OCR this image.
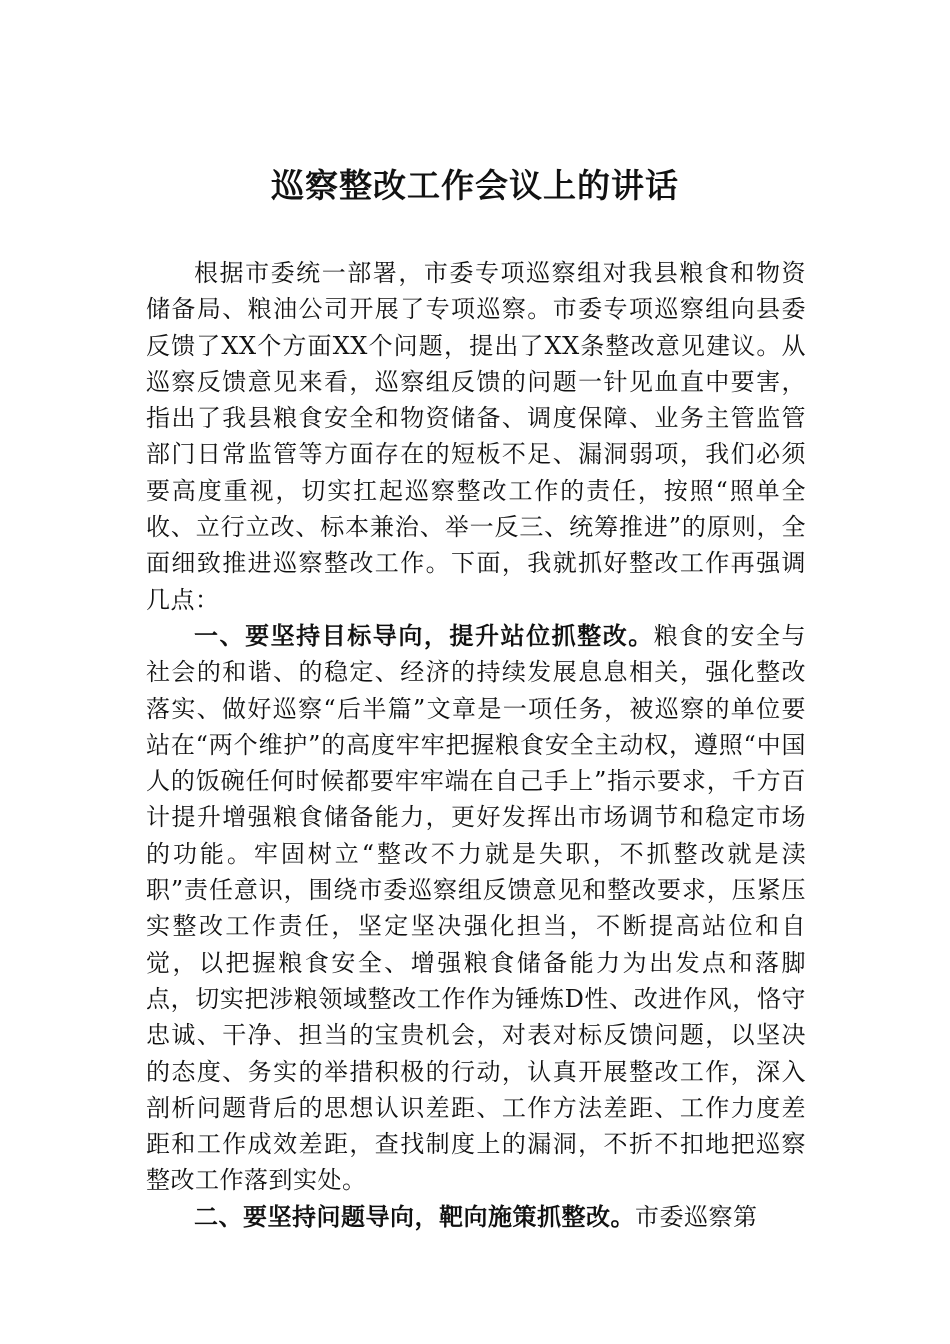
巡察整改工作会议上的讲话

根据市委统一部署，市委专项巡察组对我县粮食和物资储备局、粮油公司开展了专项巡察。市委专项巡察组向县委反馈了XX个方面XX个问题，提出了XX条整改意见建议。从巡察反馈意见来看，巡察组反馈的问题一针见血直中要害，指出了我县粮食安全和物资储备、调度保障、业务主管监管部门日常监管等方面存在的短板不足、漏洞弱项，我们必须要高度重视，切实扛起巡察整改工作的责任，按照“照单全收、立行立改、标本兼治、举一反三、统筹推进”的原则，全面细致推进巡察整改工作。下面，我就抓好整改工作再强调几点：

一、要坚持目标导向，提升站位抓整改。粮食的安全与社会的和谐、的稳定、经济的持续发展息息相关，强化整改落实、做好巡察“后半篇”文章是一项任务，被巡察的单位要站在“两个维护”的高度牢牢把握粮食安全主动权，遵照“中国人的饭碗任何时候都要牢牢端在自己手上”指示要求，千方百计提升增强粮食储备能力，更好发挥出市场调节和稳定市场的功能。牢固树立“整改不力就是失职，不抓整改就是渎职”责任意识，围绕市委巡察组反馈意见和整改要求，压紧压实整改工作责任，坚定坚决强化担当，不断提高站位和自觉，以把握粮食安全、增强粮食储备能力为出发点和落脚点，切实把涉粮领域整改工作作为锤炼D性、改进作风，恪守忠诚、干净、担当的宝贵机会，对表对标反馈问题，以坚决的态度、务实的举措积极的行动，认真开展整改工作，深入剖析问题背后的思想认识差距、工作方法差距、工作力度差距和工作成效差距，查找制度上的漏洞，不折不扣地把巡察整改工作落到实处。

二、要坚持问题导向，靶向施策抓整改。市委巡察第
